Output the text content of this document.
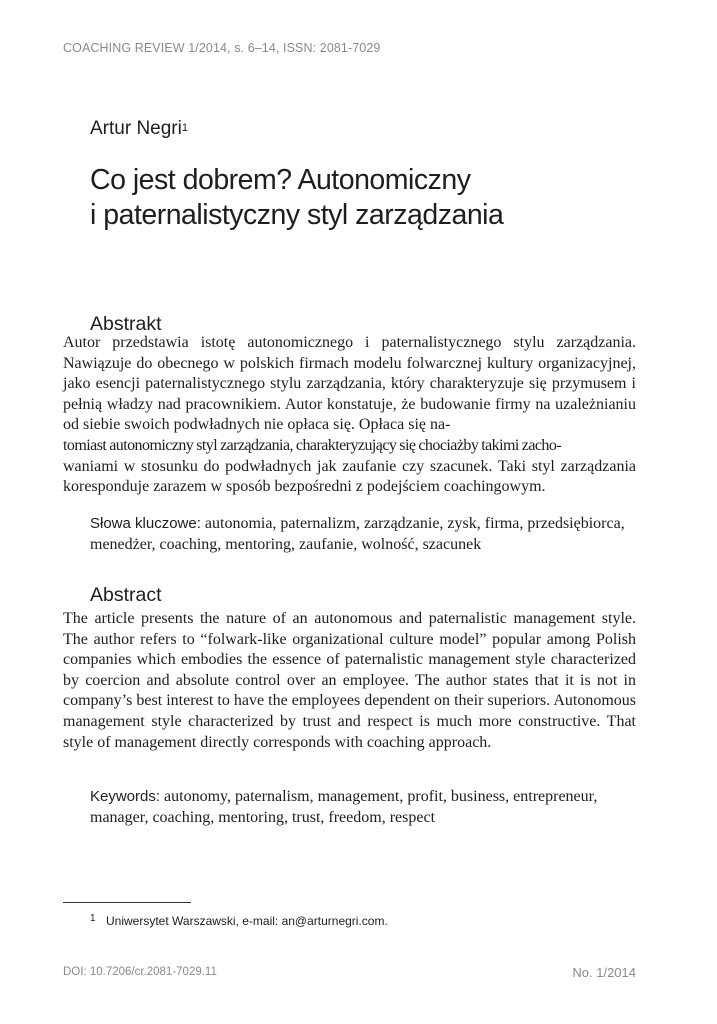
COACHING REVIEW 1/2014, s. 6–14, ISSN: 2081-7029
Artur Negri$^1$
Co jest dobrem? Autonomiczny
i paternalistyczny styl zarządzania
Abstrakt

Autor przedstawia istotę autonomicznego i paternalistycznego stylu zarządzania. Nawiązuje do obecnego w polskich firmach modelu folwarcznej kultury organizacyjnej, jako esencji paternalistycznego stylu zarządzania, który charakteryzuje się przymusem i pełnią władzy nad pracownikiem. Autor konstatuje, że budowanie firmy na uzależnianiu od siebie swoich podwładnych nie opłaca się. Opłaca się na-
tomiast autonomiczny styl zarządzania, charakteryzujący się chociażby takimi zacho-
waniami w stosunku do podwładnych jak zaufanie czy szacunek. Taki styl zarządzania koresponduje zarazem w sposób bezpośredni z podejściem coachingowym.

Słowa kluczowe: autonomia, paternalizm, zarządzanie, zysk, firma, przedsiębiorca, menedżer, coaching, mentoring, zaufanie, wolność, szacunek

Abstract

The article presents the nature of an autonomous and paternalistic management style. The author refers to “folwark-like organizational culture model” popular among Polish companies which embodies the essence of paternalistic management style characterized by coercion and absolute control over an employee. The author states that it is not in company’s best interest to have the employees dependent on their superiors. Autonomous management style characterized by trust and respect is much more constructive. That style of management directly corresponds with coaching approach.

Keywords: autonomy, paternalism, management, profit, business, entrepreneur, manager, coaching, mentoring, trust, freedom, respect

1 Uniwersytet Warszawski, e-mail: an@arturnegri.com.
DOI: 10.7206/cr.2081-7029.11	No. 1/2014
